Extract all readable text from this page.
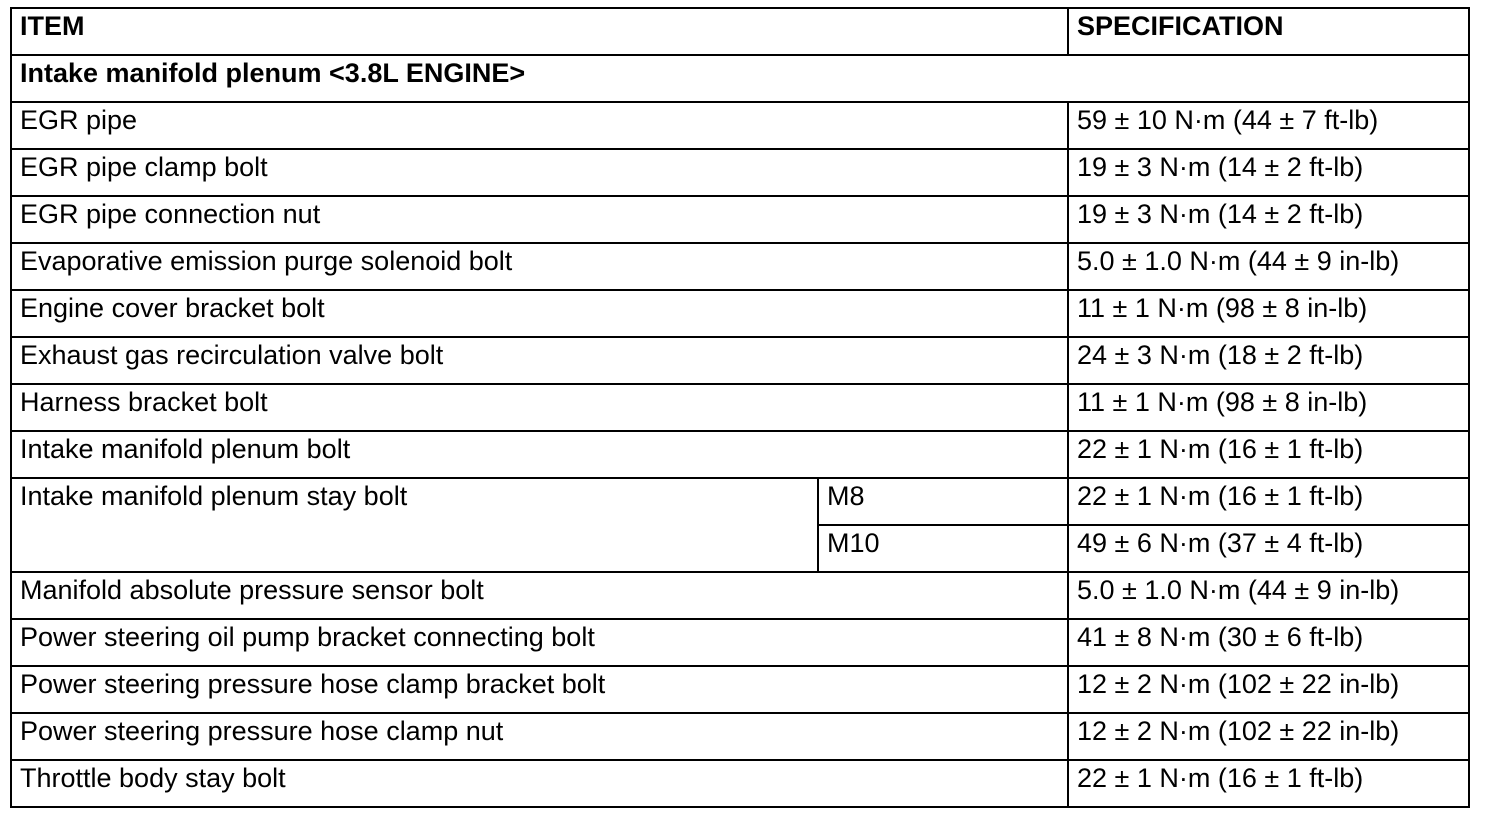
ITEM		SPECIFICATION
Intake manifold plenum <3.8L ENGINE>		
EGR pipe		59 ± 10 N·m (44 ± 7 ft-lb)
EGR pipe clamp bolt		19 ± 3 N·m (14 ± 2 ft-lb)
EGR pipe connection nut		19 ± 3 N·m (14 ± 2 ft-lb)
Evaporative emission purge solenoid bolt		5.0 ± 1.0 N·m (44 ± 9 in-lb)
Engine cover bracket bolt		11 ± 1 N·m (98 ± 8 in-lb)
Exhaust gas recirculation valve bolt		24 ± 3 N·m (18 ± 2 ft-lb)
Harness bracket bolt		11 ± 1 N·m (98 ± 8 in-lb)
Intake manifold plenum bolt		22 ± 1 N·m (16 ± 1 ft-lb)
Intake manifold plenum stay bolt	M8	22 ± 1 N·m (16 ± 1 ft-lb)
	M10	49 ± 6 N·m (37 ± 4 ft-lb)
Manifold absolute pressure sensor bolt		5.0 ± 1.0 N·m (44 ± 9 in-lb)
Power steering oil pump bracket connecting bolt		41 ± 8 N·m (30 ± 6 ft-lb)
Power steering pressure hose clamp bracket bolt		12 ± 2 N·m (102 ± 22 in-lb)
Power steering pressure hose clamp nut		12 ± 2 N·m (102 ± 22 in-lb)
Throttle body stay bolt		22 ± 1 N·m (16 ± 1 ft-lb)
